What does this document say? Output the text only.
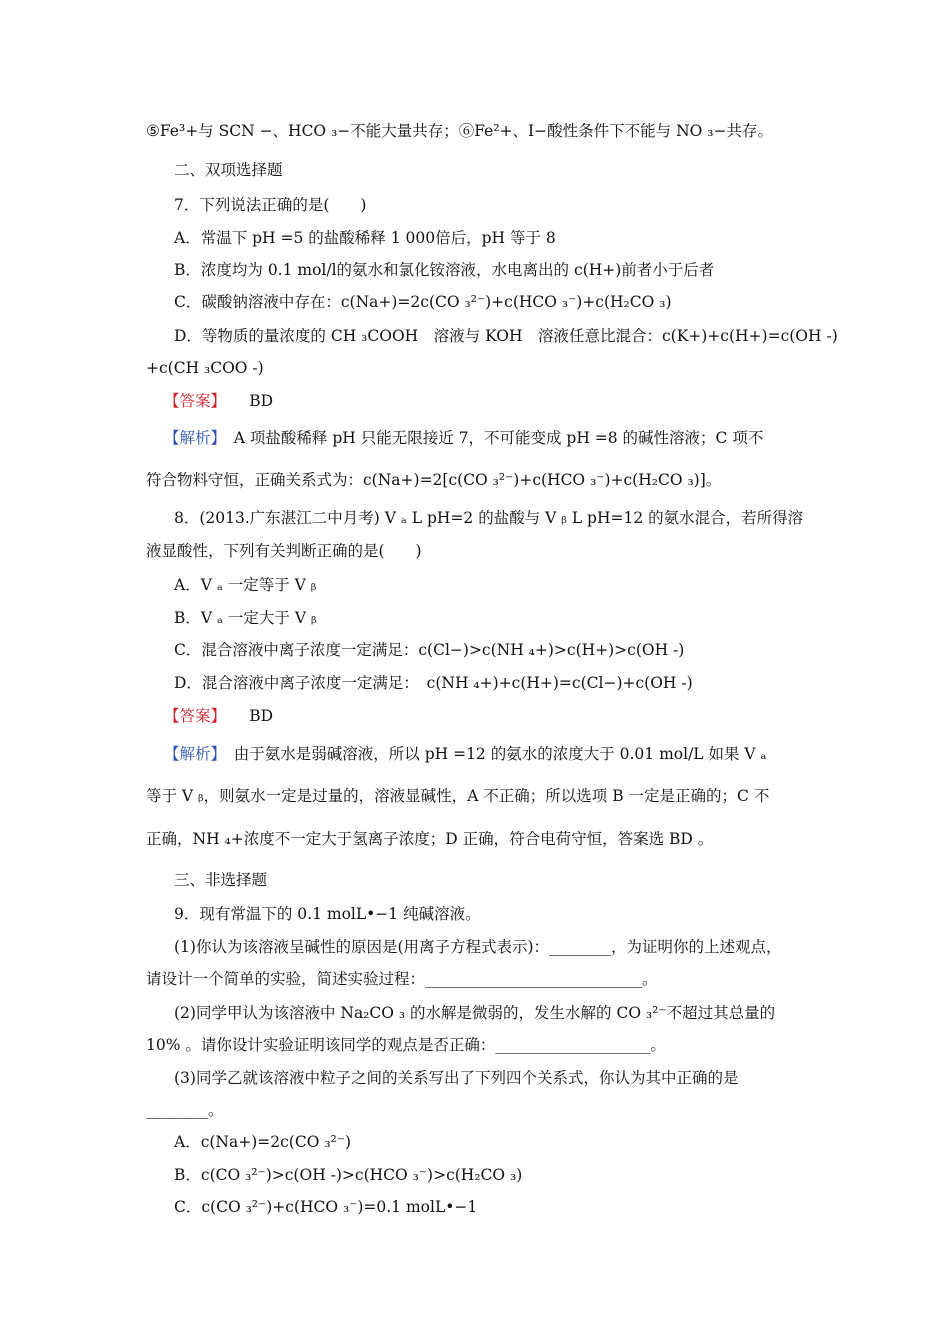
⑤Fe³+与 SCN −、HCO ₃−不能大量共存；⑥Fe²+、I−酸性条件下不能与 NO ₃−共存。
二、双项选择题
7．下列说法正确的是(　　)
A．常温下 pH =5 的盐酸稀释 1 000倍后，pH 等于 8
B．浓度均为 0.1 mol/l的氨水和氯化铵溶液，水电离出的 c(H+)前者小于后者
C．碳酸钠溶液中存在：c(Na+)=2c(CO ₃²⁻)+c(HCO ₃⁻)+c(H₂CO ₃)
D．等物质的量浓度的 CH ₃COOH　溶液与 KOH　溶液任意比混合：c(K+)+c(H+)=c(OH -)
+c(CH ₃COO -)
【答案】　　 BD
【解析】　 A 项盐酸稀释 pH 只能无限接近 7，不可能变成 pH =8 的碱性溶液；C 项不
符合物料守恒，正确关系式为：c(Na+)=2[c(CO ₃²⁻)+c(HCO ₃⁻)+c(H₂CO ₃)]。
8．(2013.广东湛江二中月考) V ₐ L pH=2 的盐酸与 V ᵦ L pH=12 的氨水混合，若所得溶
液显酸性，下列有关判断正确的是(　　)
A．V ₐ 一定等于 V ᵦ
B．V ₐ 一定大于 V ᵦ
C．混合溶液中离子浓度一定满足：c(Cl−)>c(NH ₄+)>c(H+)>c(OH -)
D．混合溶液中离子浓度一定满足：　c(NH ₄+)+c(H+)=c(Cl−)+c(OH -)
【答案】　　 BD
【解析】　 由于氨水是弱碱溶液，所以 pH =12 的氨水的浓度大于 0.01 mol/L 如果 V ₐ
等于 V ᵦ，则氨水一定是过量的，溶液显碱性，A 不正确；所以选项 B 一定是正确的；C 不
正确，NH ₄+浓度不一定大于氢离子浓度；D 正确，符合电荷守恒，答案选 BD 。
三、非选择题
9．现有常温下的 0.1 molL•−1 纯碱溶液。
(1)你认为该溶液呈碱性的原因是(用离子方程式表示)：________，为证明你的上述观点，
请设计一个简单的实验，简述实验过程：____________________________。
(2)同学甲认为该溶液中 Na₂CO ₃ 的水解是微弱的，发生水解的 CO ₃²⁻不超过其总量的
10% 。请你设计实验证明该同学的观点是否正确：____________________。
(3)同学乙就该溶液中粒子之间的关系写出了下列四个关系式，你认为其中正确的是
________。
A．c(Na+)=2c(CO ₃²⁻)
B．c(CO ₃²⁻)>c(OH -)>c(HCO ₃⁻)>c(H₂CO ₃)
C．c(CO ₃²⁻)+c(HCO ₃⁻)=0.1 molL•−1
